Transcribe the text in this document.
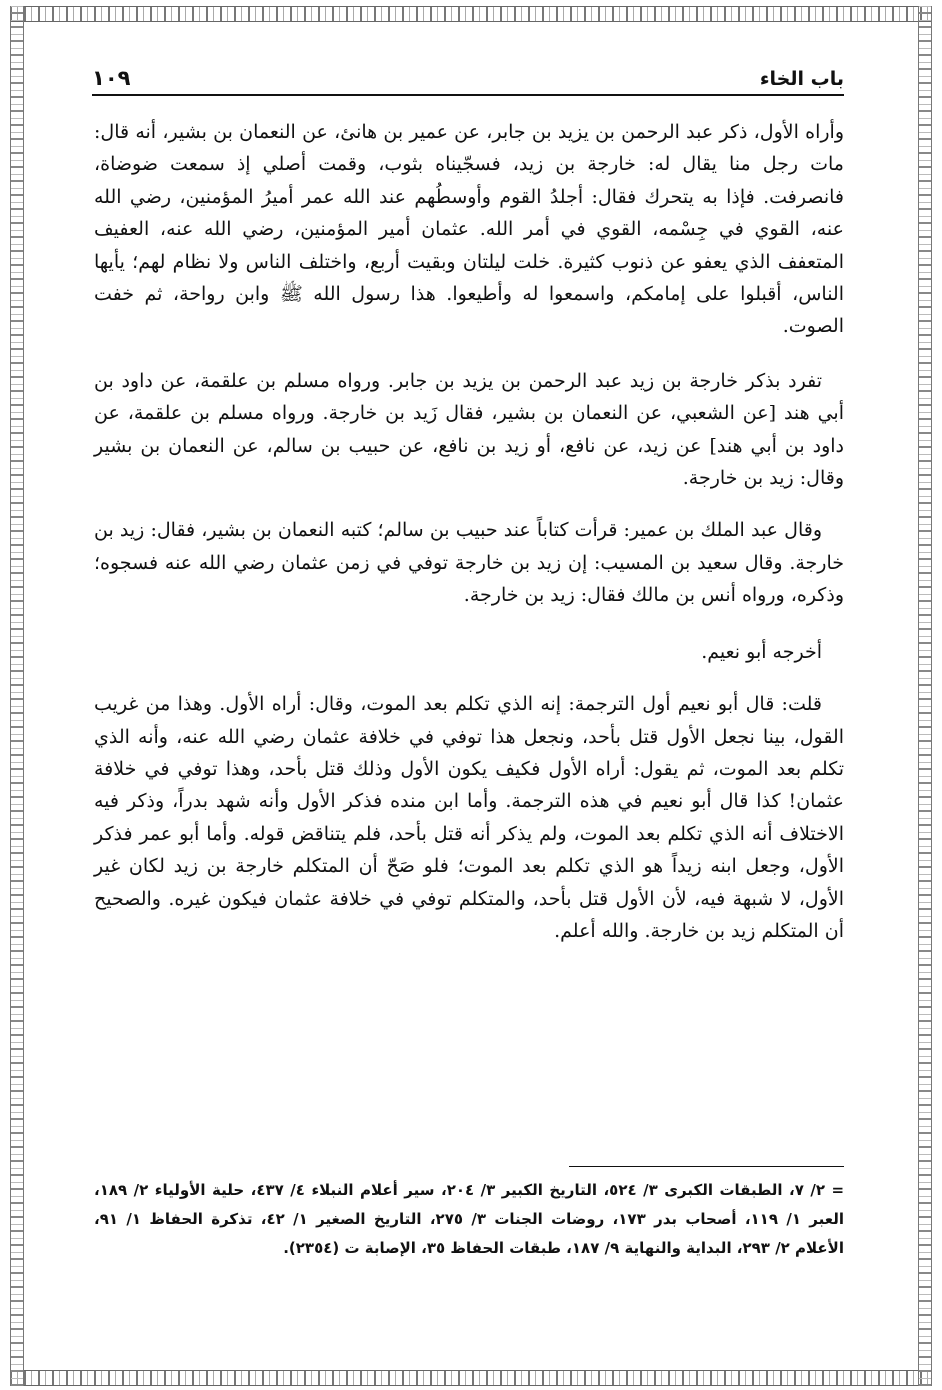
باب الخاء
١٠٩

وأراه الأول، ذكر عبد الرحمن بن يزيد بن جابر، عن عمير بن هانئ، عن النعمان بن بشير، أنه قال: مات رجل منا يقال له: خارجة بن زيد، فسجّيناه بثوب، وقمت أصلي إذ سمعت ضوضاة، فانصرفت. فإذا به يتحرك فقال: أجلدُ القوم وأوسطُهم عند الله عمر أميرُ المؤمنين، رضي الله عنه، القوي في جِسْمه، القوي في أمر الله. عثمان أمير المؤمنين، رضي الله عنه، العفيف المتعفف الذي يعفو عن ذنوب كثيرة. خلت ليلتان وبقيت أربع، واختلف الناس ولا نظام لهم؛ يأيها الناس، أقبلوا على إمامكم، واسمعوا له وأطيعوا. هذا رسول الله ﷺ وابن رواحة، ثم خفت الصوت.

تفرد بذكر خارجة بن زيد عبد الرحمن بن يزيد بن جابر. ورواه مسلم بن علقمة، عن داود بن أبي هند [عن الشعبي، عن النعمان بن بشير، فقال زَيد بن خارجة. ورواه مسلم بن علقمة، عن داود بن أبي هند] عن زيد، عن نافع، أو زيد بن نافع، عن حبيب بن سالم، عن النعمان بن بشير وقال: زيد بن خارجة.

وقال عبد الملك بن عمير: قرأت كتاباً عند حبيب بن سالم؛ كتبه النعمان بن بشير، فقال: زيد بن خارجة. وقال سعيد بن المسيب: إن زيد بن خارجة توفي في زمن عثمان رضي الله عنه فسجوه؛ وذكره، ورواه أنس بن مالك فقال: زيد بن خارجة.

أخرجه أبو نعيم.

قلت: قال أبو نعيم أول الترجمة: إنه الذي تكلم بعد الموت، وقال: أراه الأول. وهذا من غريب القول، بينا نجعل الأول قتل بأحد، ونجعل هذا توفي في خلافة عثمان رضي الله عنه، وأنه الذي تكلم بعد الموت، ثم يقول: أراه الأول فكيف يكون الأول وذلك قتل بأحد، وهذا توفي في خلافة عثمان! كذا قال أبو نعيم في هذه الترجمة. وأما ابن منده فذكر الأول وأنه شهد بدراً، وذكر فيه الاختلاف أنه الذي تكلم بعد الموت، ولم يذكر أنه قتل بأحد، فلم يتناقض قوله. وأما أبو عمر فذكر الأول، وجعل ابنه زيداً هو الذي تكلم بعد الموت؛ فلو صَحّ أن المتكلم خارجة بن زيد لكان غير الأول، لا شبهة فيه، لأن الأول قتل بأحد، والمتكلم توفي في خلافة عثمان فيكون غيره. والصحيح أن المتكلم زيد بن خارجة. والله أعلم.

= ٢/ ٧، الطبقات الكبرى ٣/ ٥٢٤، التاريخ الكبير ٣/ ٢٠٤، سير أعلام النبلاء ٤/ ٤٣٧، حلية الأولياء ٢/ ١٨٩، العبر ١/ ١١٩، أصحاب بدر ١٧٣، روضات الجنات ٣/ ٢٧٥، التاريخ الصغير ١/ ٤٢، تذكرة الحفاظ ١/ ٩١، الأعلام ٢/ ٢٩٣، البداية والنهاية ٩/ ١٨٧، طبقات الحفاظ ٣٥، الإصابة ت (٢٣٥٤).
